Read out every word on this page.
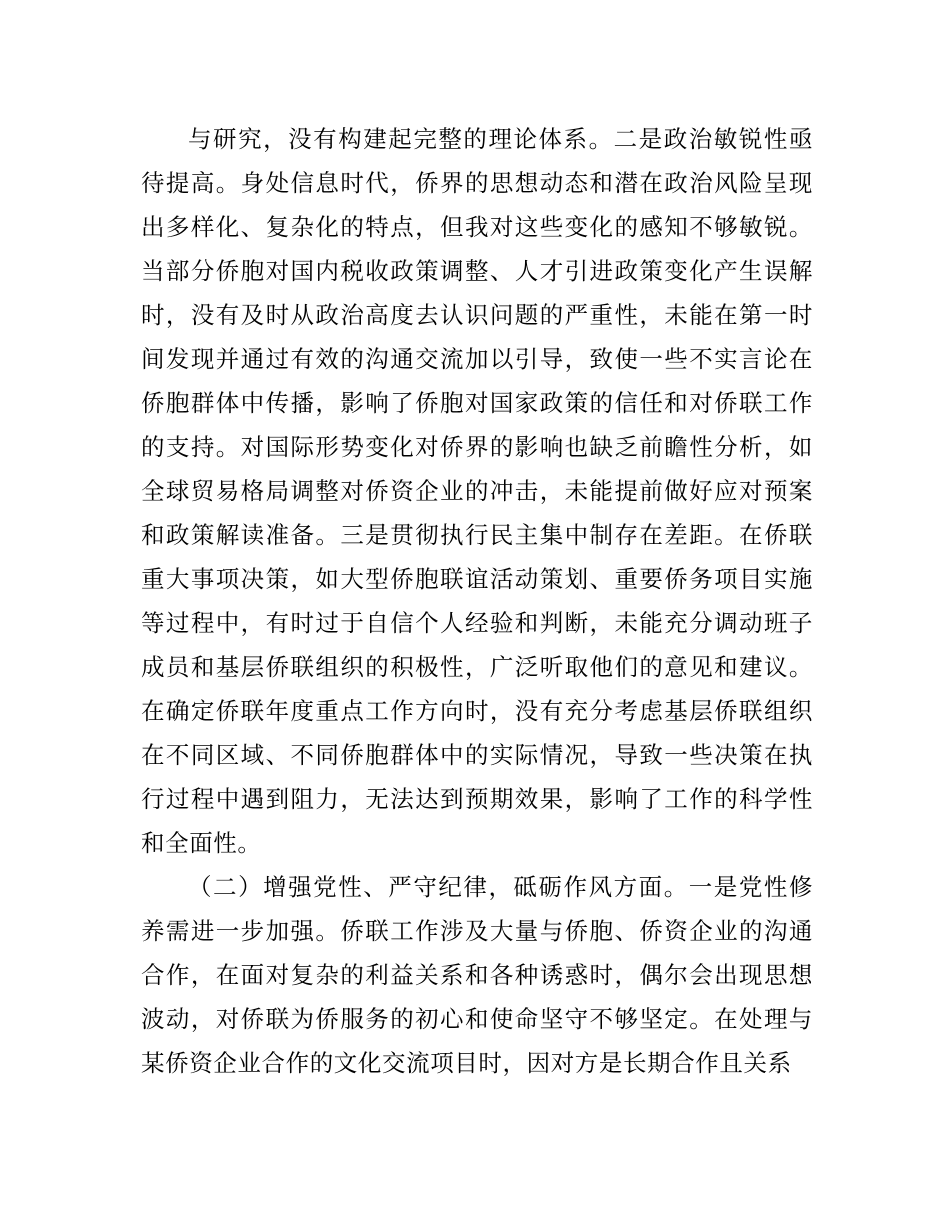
与研究，没有构建起完整的理论体系。二是政治敏锐性亟待提高。身处信息时代，侨界的思想动态和潜在政治风险呈现出多样化、复杂化的特点，但我对这些变化的感知不够敏锐。当部分侨胞对国内税收政策调整、人才引进政策变化产生误解时，没有及时从政治高度去认识问题的严重性，未能在第一时间发现并通过有效的沟通交流加以引导，致使一些不实言论在侨胞群体中传播，影响了侨胞对国家政策的信任和对侨联工作的支持。对国际形势变化对侨界的影响也缺乏前瞻性分析，如全球贸易格局调整对侨资企业的冲击，未能提前做好应对预案和政策解读准备。三是贯彻执行民主集中制存在差距。在侨联重大事项决策，如大型侨胞联谊活动策划、重要侨务项目实施等过程中，有时过于自信个人经验和判断，未能充分调动班子成员和基层侨联组织的积极性，广泛听取他们的意见和建议。在确定侨联年度重点工作方向时，没有充分考虑基层侨联组织在不同区域、不同侨胞群体中的实际情况，导致一些决策在执行过程中遇到阻力，无法达到预期效果，影响了工作的科学性和全面性。

（二）增强党性、严守纪律，砥砺作风方面。一是党性修养需进一步加强。侨联工作涉及大量与侨胞、侨资企业的沟通合作，在面对复杂的利益关系和各种诱惑时，偶尔会出现思想波动，对侨联为侨服务的初心和使命坚守不够坚定。在处理与某侨资企业合作的文化交流项目时，因对方是长期合作且关系
